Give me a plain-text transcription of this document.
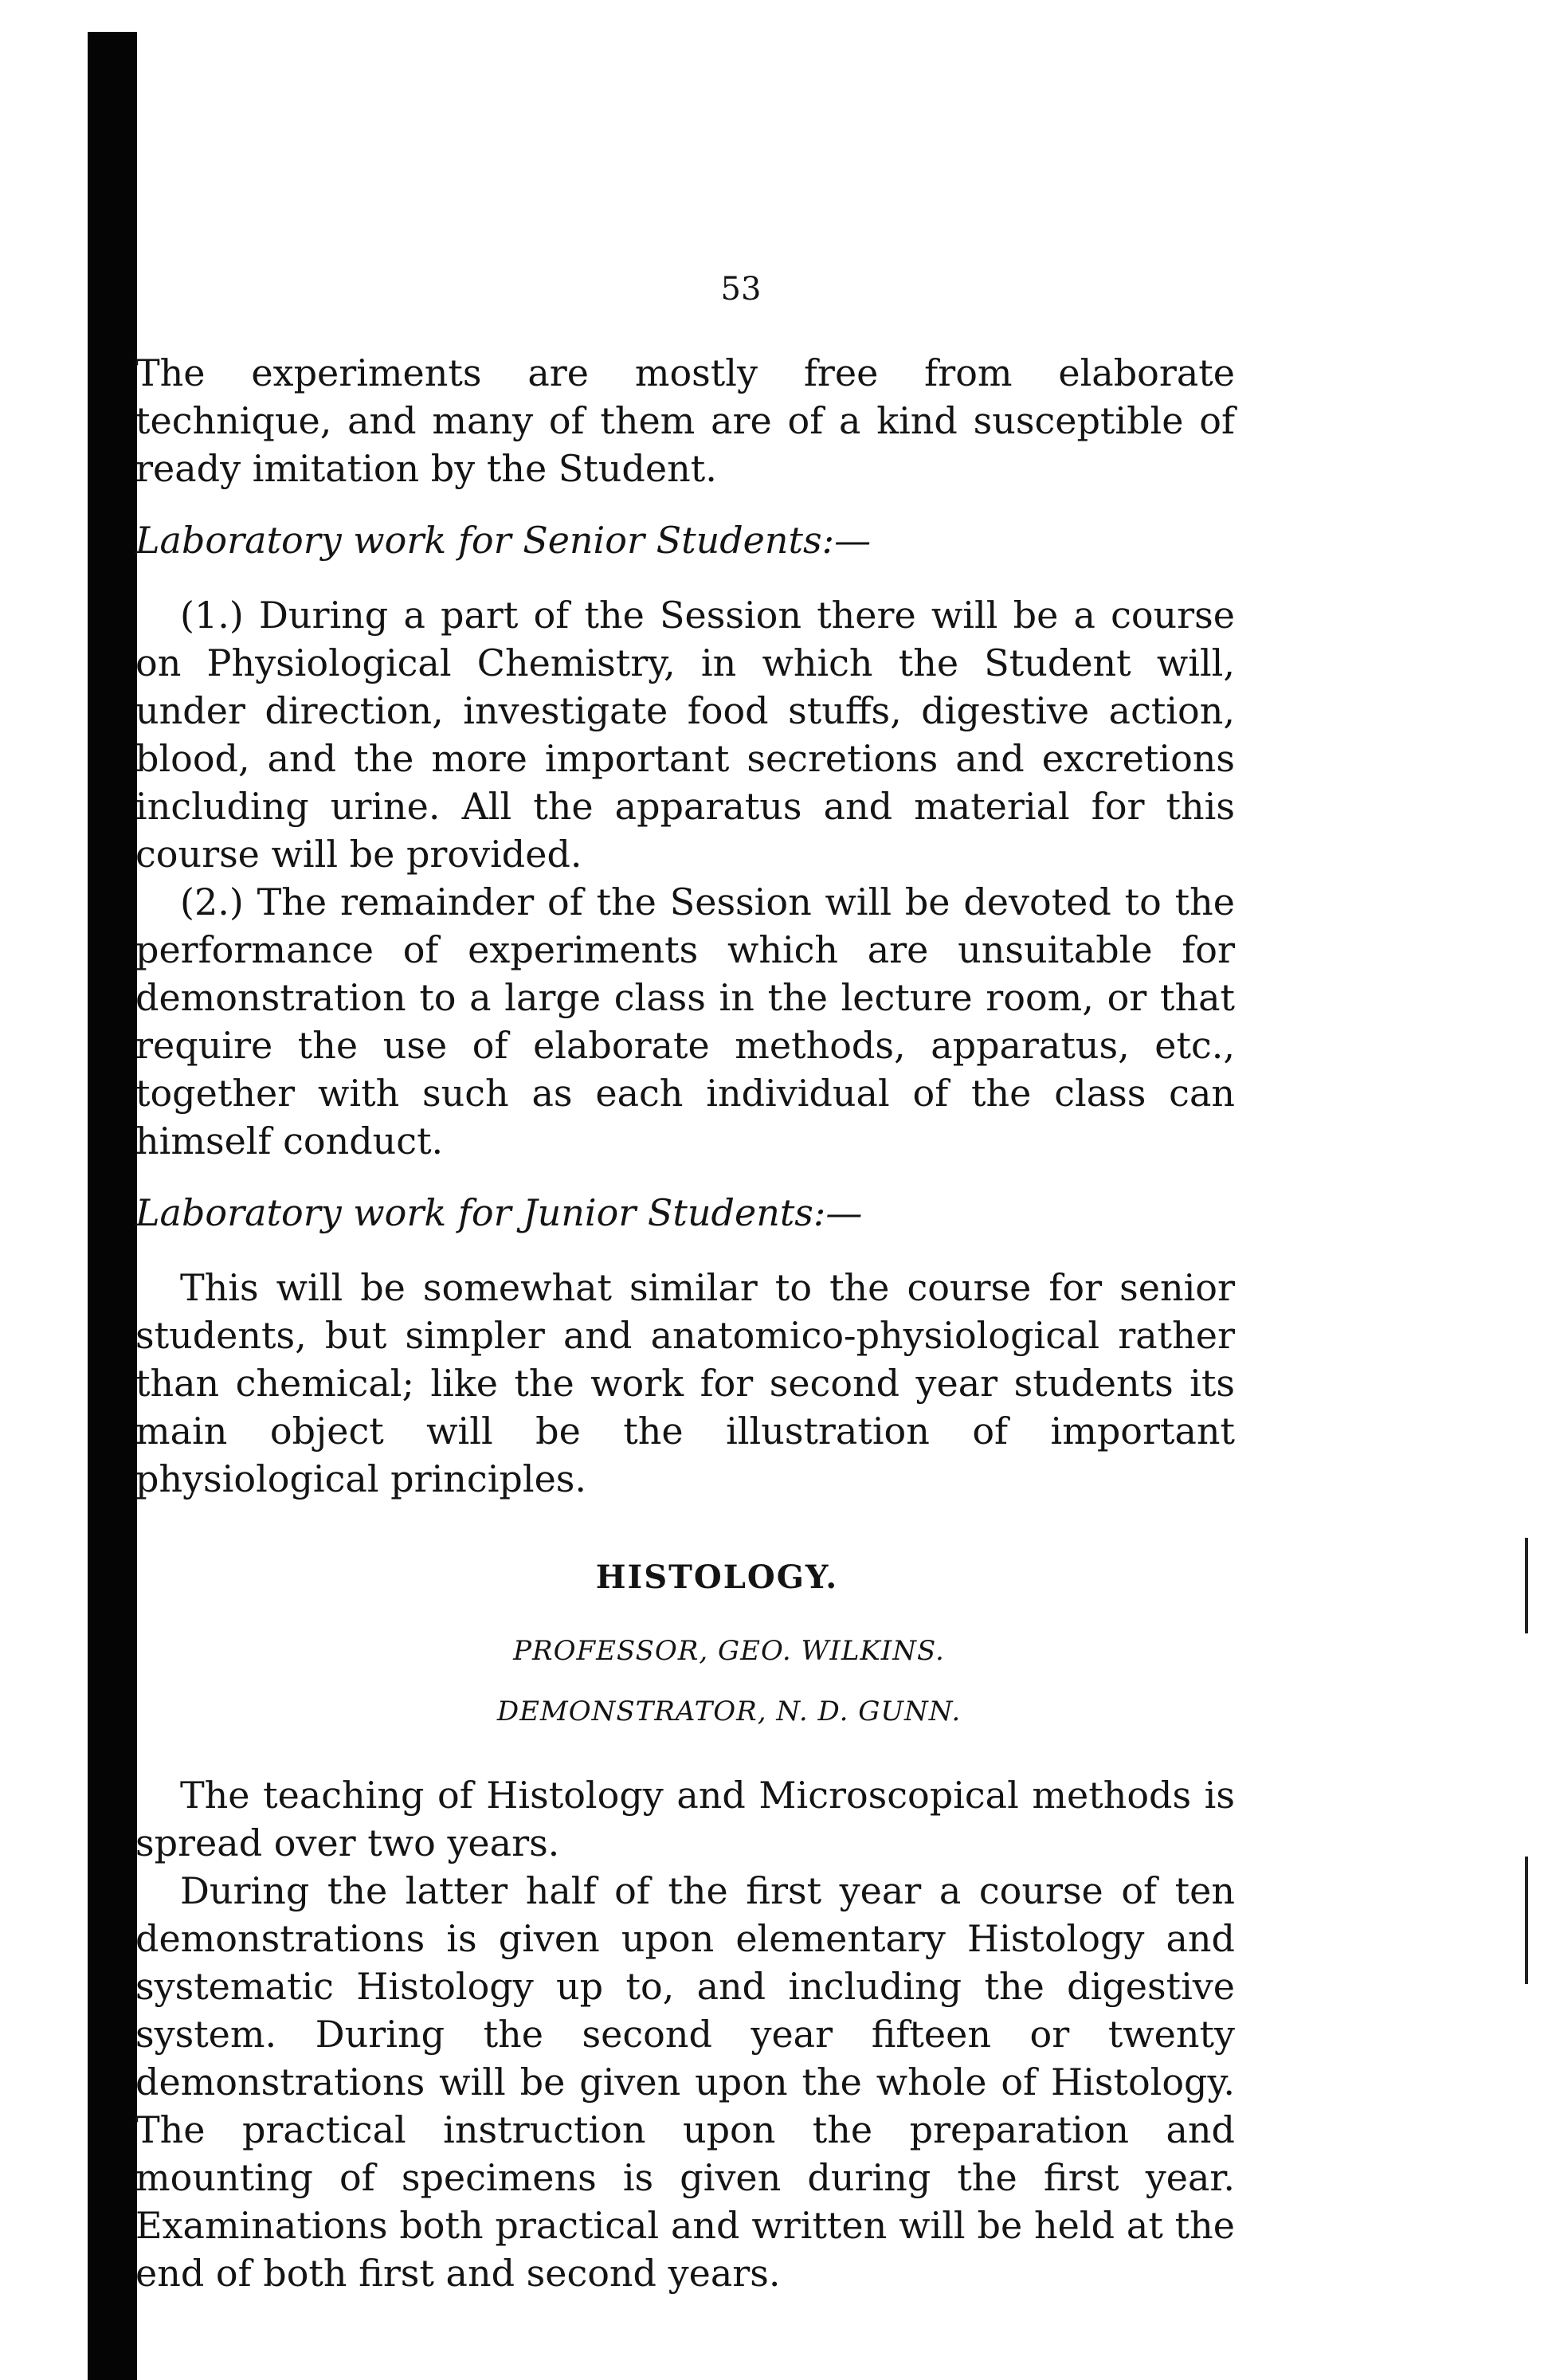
53

The experiments are mostly free from elaborate technique, and many of them are of a kind susceptible of ready imitation by the Student.

Laboratory work for Senior Students:—

(1.) During a part of the Session there will be a course on Physiological Chemistry, in which the Student will, under direction, investigate food stuffs, digestive action, blood, and the more important secretions and excretions including urine. All the apparatus and material for this course will be provided.

(2.) The remainder of the Session will be devoted to the performance of experiments which are unsuitable for demonstration to a large class in the lecture room, or that require the use of elaborate methods, apparatus, etc., together with such as each individual of the class can himself conduct.

Laboratory work for Junior Students:—

This will be somewhat similar to the course for senior students, but simpler and anatomico-physiological rather than chemical; like the work for second year students its main object will be the illustration of important physiological principles.

HISTOLOGY.
PROFESSOR, GEO. WILKINS.
DEMONSTRATOR, N. D. GUNN.

The teaching of Histology and Microscopical methods is spread over two years.

During the latter half of the first year a course of ten demonstrations is given upon elementary Histology and systematic Histology up to, and including the digestive system. During the second year fifteen or twenty demonstrations will be given upon the whole of Histology. The practical instruction upon the preparation and mounting of specimens is given during the first year. Examinations both practical and written will be held at the end of both first and second years.
